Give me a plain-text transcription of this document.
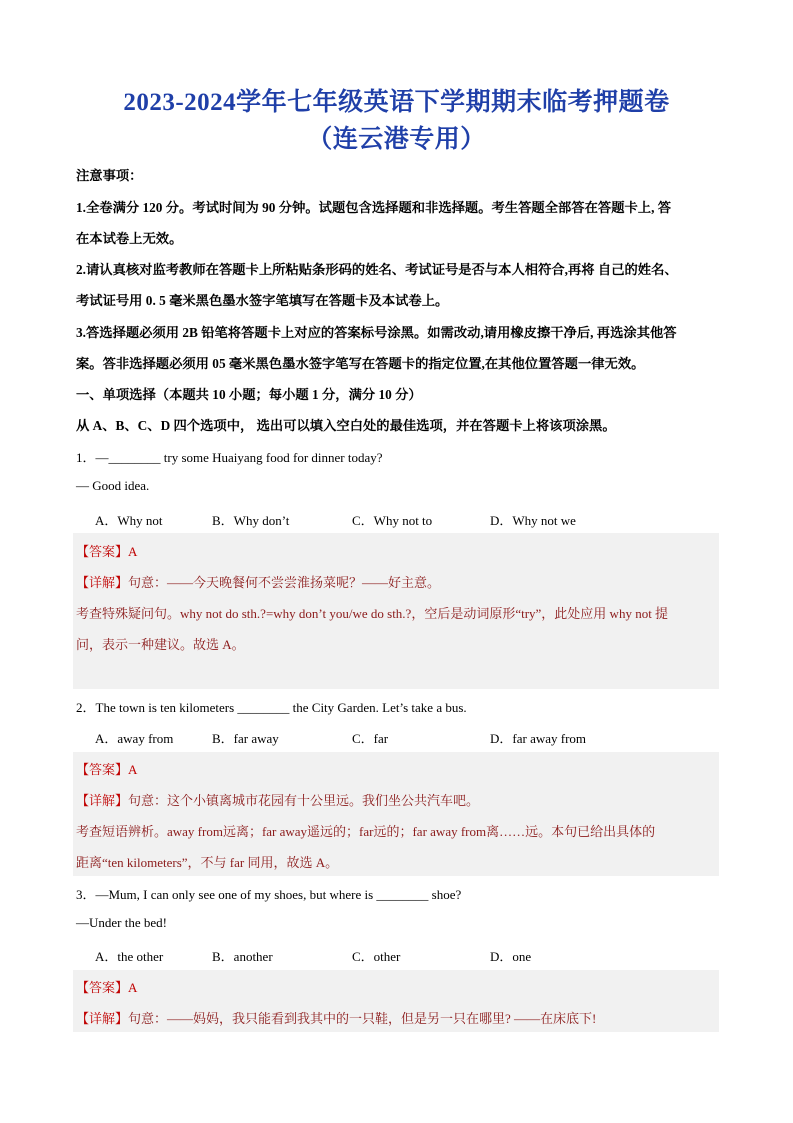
2023-2024学年七年级英语下学期期末临考押题卷
（连云港专用）
注意事项：
1.全卷满分 120 分。考试时间为 90 分钟。试题包含选择题和非选择题。考生答题全部答在答题卡上, 答
在本试卷上无效。
2.请认真核对监考教师在答题卡上所粘贴条形码的姓名、考试证号是否与本人相符合,再将 自己的姓名、
考试证号用 0. 5 毫米黑色墨水签字笔填写在答题卡及本试卷上。
3.答选择题必须用 2B 铅笔将答题卡上对应的答案标号涂黑。如需改动,请用橡皮擦干净后, 再选涂其他答
案。答非选择题必须用 05 毫米黑色墨水签字笔写在答题卡的指定位置,在其他位置答题一律无效。
一、单项选择（本题共 10 小题；每小题 1 分，满分 10 分）
从 A、B、C、D 四个选项中， 选出可以填入空白处的最佳选项，并在答题卡上将该项涂黑。
1．—________ try some Huaiyang food for dinner today?
— Good idea.
A．Why not	B．Why don’t	C．Why not to	D．Why not we
【答案】A
【详解】句意：——今天晚餐何不尝尝淮扬菜呢？——好主意。
考查特殊疑问句。why not do sth.?=why don’t you/we do sth.?，空后是动词原形“try”，此处应用 why not 提
问，表示一种建议。故选 A。
2．The town is ten kilometers ________ the City Garden. Let’s take a bus.
A．away from	B．far away	C．far	D．far away from
【答案】A
【详解】句意：这个小镇离城市花园有十公里远。我们坐公共汽车吧。
考查短语辨析。away from远离；far away遥远的；far远的；far away from离……远。本句已给出具体的
距离“ten kilometers”，不与 far 同用，故选 A。
3．—Mum, I can only see one of my shoes, but where is ________ shoe?
—Under the bed!
A．the other	B．another	C．other	D．one
【答案】A
【详解】句意：——妈妈，我只能看到我其中的一只鞋，但是另一只在哪里? ——在床底下!
